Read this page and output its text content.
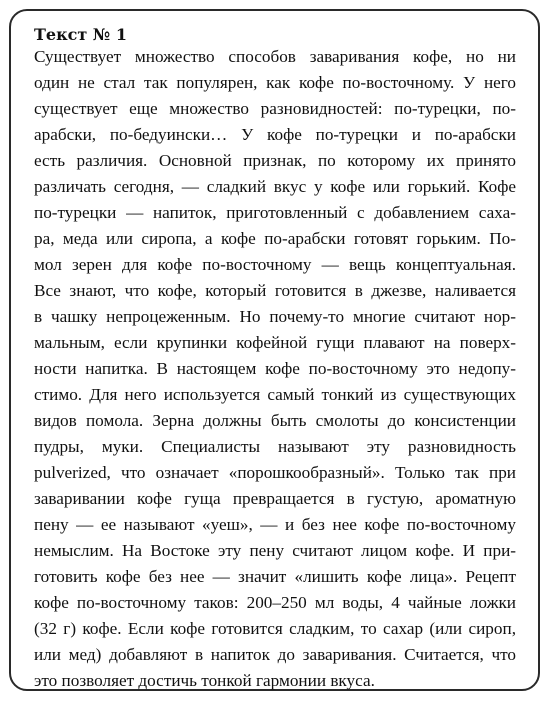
Текст № 1
Существует множество способов заваривания кофе, но ни
один не стал так популярен, как кофе по-восточному. У него
существует еще множество разновидностей: по-турецки, по-
арабски, по-бедуински… У кофе по-турецки и по-арабски
есть различия. Основной признак, по которому их принято
различать сегодня, — сладкий вкус у кофе или горький. Кофе
по-турецки — напиток, приготовленный с добавлением саха-
ра, меда или сиропа, а кофе по-арабски готовят горьким. По-
мол зерен для кофе по-восточному — вещь концептуальная.
Все знают, что кофе, который готовится в джезве, наливается
в чашку непроцеженным. Но почему-то многие считают нор-
мальным, если крупинки кофейной гущи плавают на поверх-
ности напитка. В настоящем кофе по-восточному это недопу-
стимо. Для него используется самый тонкий из существующих
видов помола. Зерна должны быть смолоты до консистенции
пудры, муки. Специалисты называют эту разновидность
pulverized, что означает «порошкообразный». Только так при
заваривании кофе гуща превращается в густую, ароматную
пену — ее называют «уеш», — и без нее кофе по-восточному
немыслим. На Востоке эту пену считают лицом кофе. И при-
готовить кофе без нее — значит «лишить кофе лица». Рецепт
кофе по-восточному таков: 200–250 мл воды, 4 чайные ложки
(32 г) кофе. Если кофе готовится сладким, то сахар (или сироп,
или мед) добавляют в напиток до заваривания. Считается, что
это позволяет достичь тонкой гармонии вкуса.
